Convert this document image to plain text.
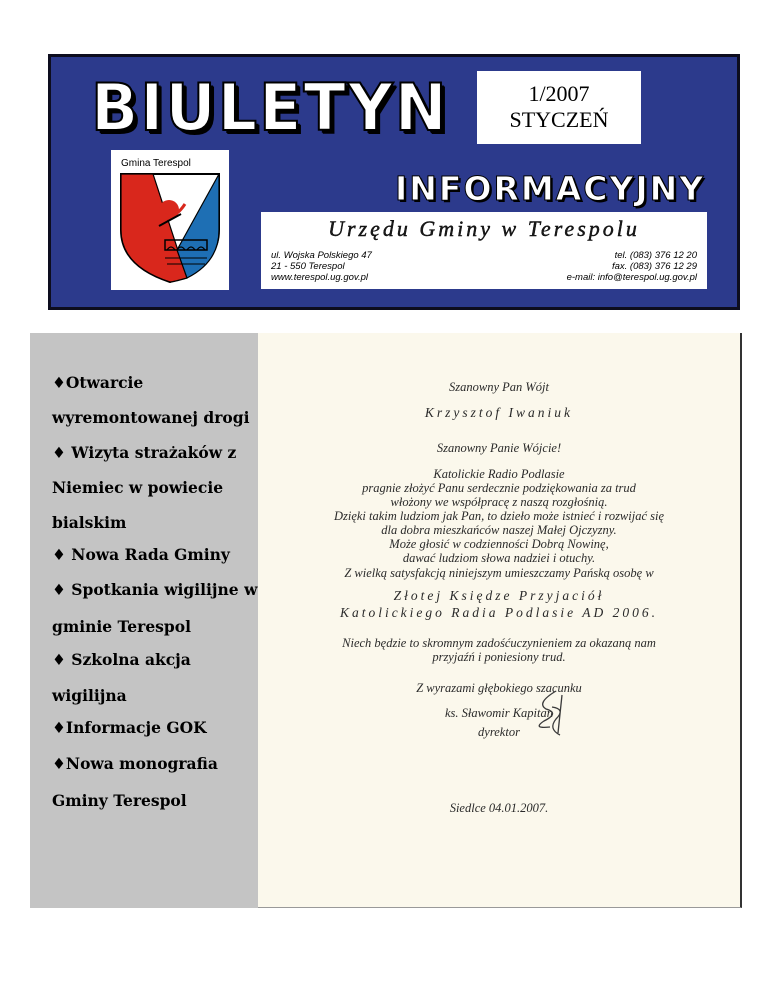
BIULETYN	1/2007
STYCZEŃ
Gmina Terespol
INFORMACYJNY
Urzędu Gminy w Terespolu
ul. Wojska Polskiego 47
21 - 550 Terespol
www.terespol.ug.gov.pl
tel. (083) 376 12 20
fax. (083) 376 12 29
e-mail: info@terespol.ug.gov.pl
♦Otwarcie
wyremontowanej drogi
♦ Wizyta strażaków z
Niemiec w powiecie
bialskim
♦ Nowa Rada Gminy
♦ Spotkania wigilijne w
gminie Terespol
♦ Szkolna akcja
wigilijna
♦Informacje GOK
♦Nowa monografia
Gminy Terespol
Szanowny Pan Wójt
Krzysztof Iwaniuk
Szanowny Panie Wójcie!
Katolickie Radio Podlasie
pragnie złożyć Panu serdecznie podziękowania za trud
włożony we współpracę z naszą rozgłośnią.
Dzięki takim ludziom jak Pan, to dzieło może istnieć i rozwijać się
dla dobra mieszkańców naszej Małej Ojczyzny.
Może głosić w codzienności Dobrą Nowinę,
dawać ludziom słowa nadziei i otuchy.
Z wielką satysfakcją niniejszym umieszczamy Pańską osobę w
Złotej Księdze Przyjaciół
Katolickiego Radia Podlasie AD 2006.
Niech będzie to skromnym zadośćuczynieniem za okazaną nam
przyjaźń i poniesiony trud.
Z wyrazami głębokiego szacunku
ks. Sławomir Kapitan
dyrektor
Siedlce 04.01.2007.
